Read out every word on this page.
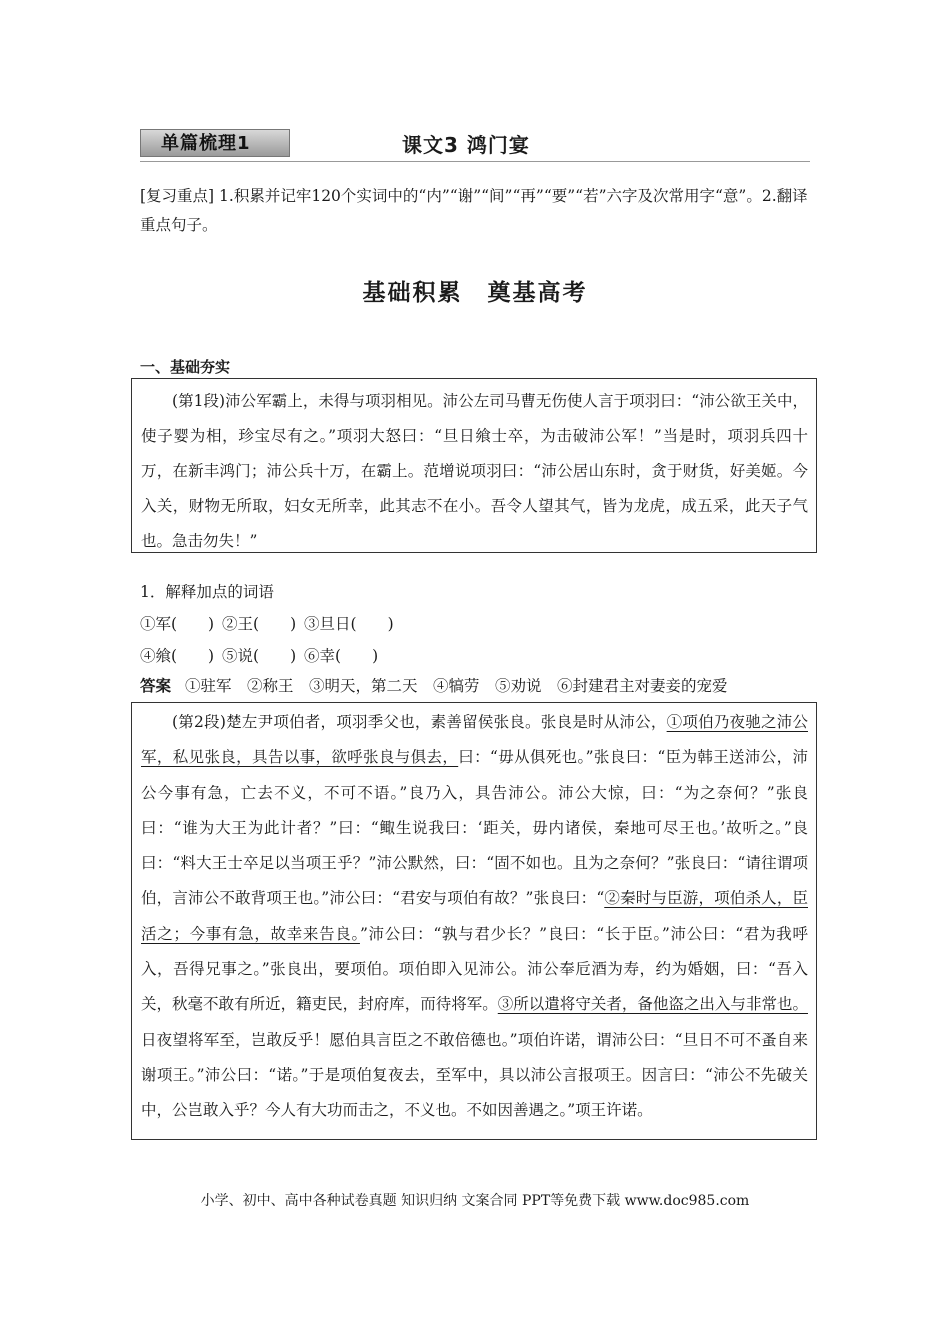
单篇梳理1	课文3 鸿门宴
[复习重点] 1.积累并记牢120个实词中的“内”“谢”“间”“再”“要”“若”六字及次常用字“意”。2.翻译重点句子。
基础积累　奠基高考
一、基础夯实

(第1段)沛公军霸上，未得与项羽相见。沛公左司马曹无伤使人言于项羽曰：“沛公欲王关中，使子婴为相，珍宝尽有之。”项羽大怒曰：“旦日飨士卒，为击破沛公军！”当是时，项羽兵四十万，在新丰鸿门；沛公兵十万，在霸上。范增说项羽曰：“沛公居山东时，贪于财货，好美姬。今入关，财物无所取，妇女无所幸，此其志不在小。吾令人望其气，皆为龙虎，成五采，此天子气也。急击勿失！”

1．解释加点的词语
①军(　　) ②王(　　) ③旦日(　　)
④飨(　　) ⑤说(　　) ⑥幸(　　)
答案 ①驻军　②称王　③明天，第二天　④犒劳　⑤劝说　⑥封建君主对妻妾的宠爱

(第2段)楚左尹项伯者，项羽季父也，素善留侯张良。张良是时从沛公，①项伯乃夜驰之沛公军，私见张良，具告以事，欲呼张良与俱去，曰：“毋从俱死也。”张良曰：“臣为韩王送沛公，沛公今事有急，亡去不义，不可不语。”良乃入，具告沛公。沛公大惊，曰：“为之奈何？”张良曰：“谁为大王为此计者？”曰：“鲰生说我曰：‘距关，毋内诸侯，秦地可尽王也。’故听之。”良曰：“料大王士卒足以当项王乎？”沛公默然，曰：“固不如也。且为之奈何？”张良曰：“请往谓项伯，言沛公不敢背项王也。”沛公曰：“君安与项伯有故？”张良曰：“②秦时与臣游，项伯杀人，臣活之；今事有急，故幸来告良。”沛公曰：“孰与君少长？”良曰：“长于臣。”沛公曰：“君为我呼入，吾得兄事之。”张良出，要项伯。项伯即入见沛公。沛公奉卮酒为寿，约为婚姻，曰：“吾入关，秋毫不敢有所近，籍吏民，封府库，而待将军。③所以遣将守关者，备他盗之出入与非常也。日夜望将军至，岂敢反乎！愿伯具言臣之不敢倍德也。”项伯许诺，谓沛公曰：“旦日不可不蚤自来谢项王。”沛公曰：“诺。”于是项伯复夜去，至军中，具以沛公言报项王。因言曰：“沛公不先破关中，公岂敢入乎？今人有大功而击之，不义也。不如因善遇之。”项王许诺。

小学、初中、高中各种试卷真题 知识归纳 文案合同 PPT等免费下载 www.doc985.com
